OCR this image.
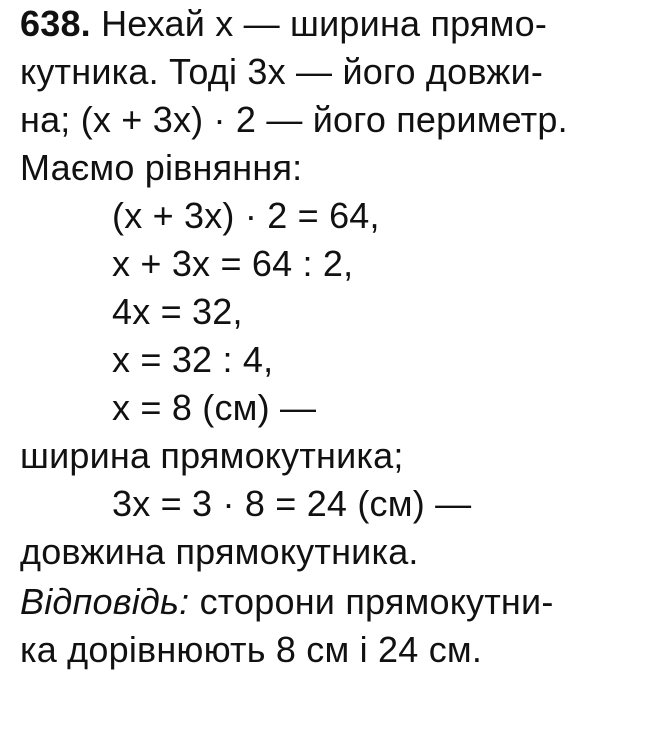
638. Нехай x — ширина прямо-
кутника. Тоді 3x — його довжи-
на; (x + 3x) · 2 — його периметр.
Маємо рівняння:
(x + 3x) · 2 = 64,
x + 3x = 64 : 2,
4x = 32,
x = 32 : 4,
x = 8 (см) —
ширина прямокутника;
3x = 3 · 8 = 24 (см) —
довжина прямокутника.
Відповідь: сторони прямокутни-
ка дорівнюють 8 см і 24 см.
